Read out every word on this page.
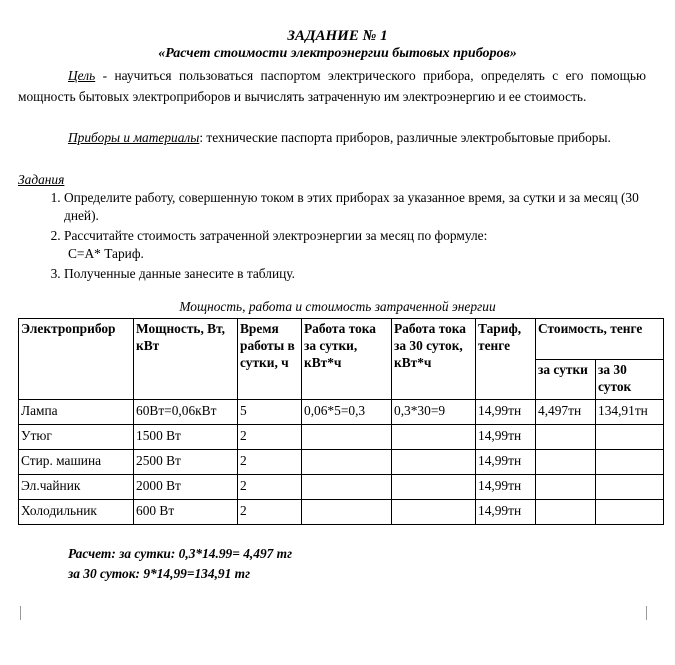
ЗАДАНИЕ № 1
«Расчет стоимости электроэнергии бытовых приборов»
Цель - научиться пользоваться паспортом электрического прибора, определять с его помощью мощность бытовых электроприборов и вычислять затраченную им электроэнергию и ее стоимость.
Приборы и материалы: технические паспорта приборов, различные электробытовые приборы.
Задания
1. Определите работу, совершенную током в этих приборах за указанное время, за сутки и за месяц (30 дней).
2. Рассчитайте стоимость затраченной электроэнергии за месяц по формуле:
С=А* Тариф.
3. Полученные данные занесите в таблицу.
Мощность, работа и стоимость затраченной энергии
Электроприбор	Мощность, Вт, кВт	Время работы в сутки, ч	Работа тока за сутки, кВт*ч	Работа тока за 30 суток, кВт*ч	Тариф, тенге	Стоимость, тенге	
						за сутки	за 30 суток
Лампа	60Вт=0,06кВт	5	0,06*5=0,3	0,3*30=9	14,99тн	4,497тн	134,91тн
Утюг	1500 Вт	2			14,99тн		
Стир. машина	2500 Вт	2			14,99тн		
Эл.чайник	2000 Вт	2			14,99тн		
Холодильник	600 Вт	2			14,99тн		
Расчет: за сутки: 0,3*14.99= 4,497 тг
за 30 суток: 9*14,99=134,91 тг
